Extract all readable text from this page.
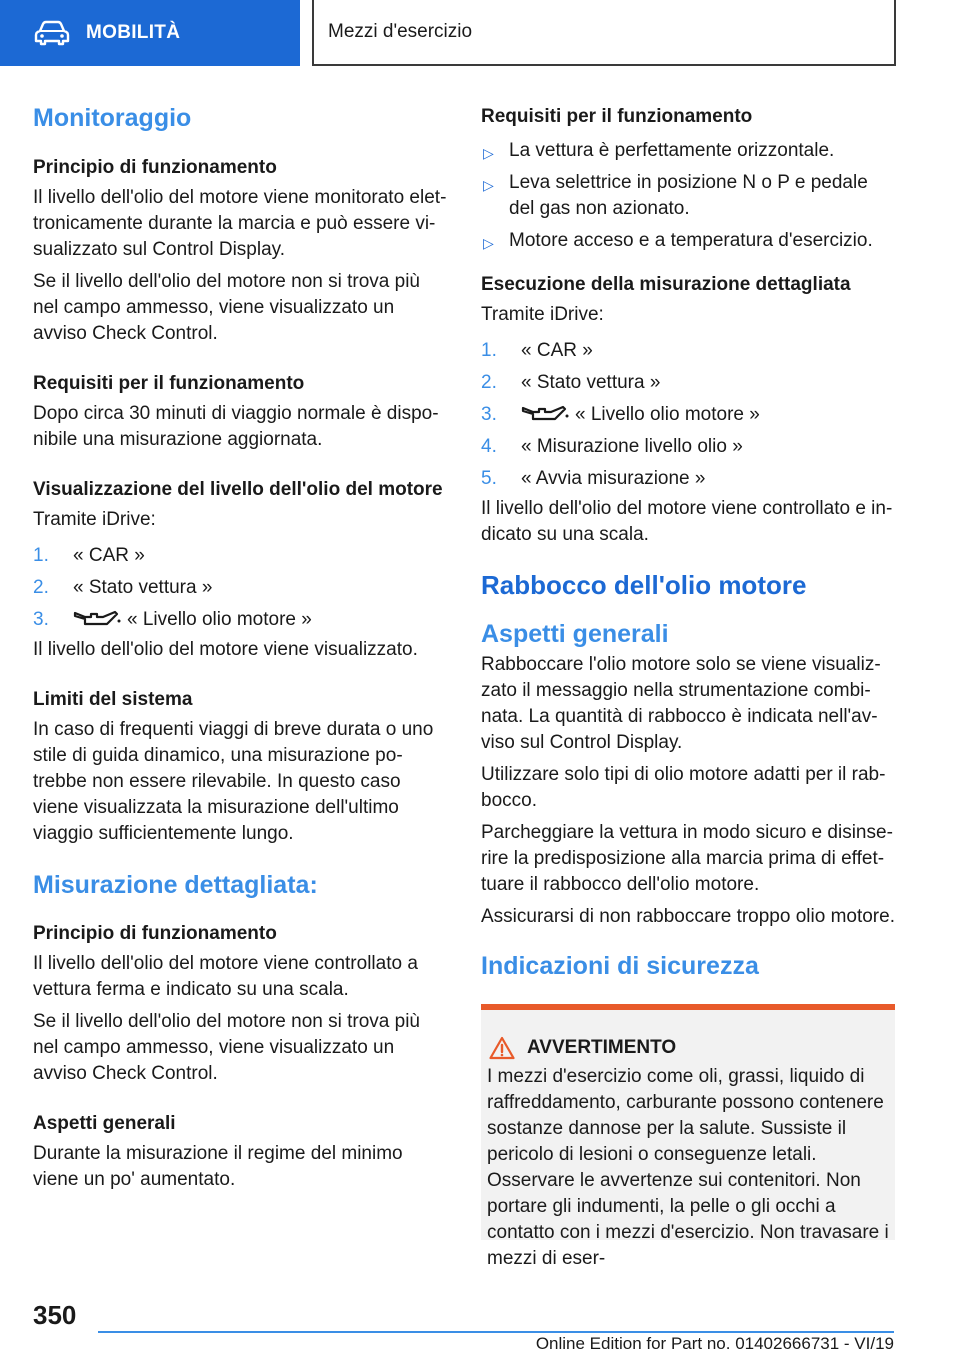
MOBILITÀ	Mezzi d'esercizio
Monitoraggio
Principio di funzionamento

Il livello dell'olio del motore viene monitorato elettronicamente durante la marcia e può essere visualizzato sul Control Display.

Se il livello dell'olio del motore non si trova più nel campo ammesso, viene visualizzato un avviso Check Control.

Requisiti per il funzionamento

Dopo circa 30 minuti di viaggio normale è disponibile una misurazione aggiornata.

Visualizzazione del livello dell'olio del motore

Tramite iDrive:

1. « CAR »
2. « Stato vettura »
3.	« Livello olio motore »

Il livello dell'olio del motore viene visualizzato.

Limiti del sistema

In caso di frequenti viaggi di breve durata o uno stile di guida dinamico, una misurazione potrebbe non essere rilevabile. In questo caso viene visualizzata la misurazione dell'ultimo viaggio sufficientemente lungo.

Misurazione dettagliata:
Principio di funzionamento

Il livello dell'olio del motore viene controllato a vettura ferma e indicato su una scala.

Se il livello dell'olio del motore non si trova più nel campo ammesso, viene visualizzato un avviso Check Control.

Aspetti generali

Durante la misurazione il regime del minimo viene un po' aumentato.

Requisiti per il funzionamento
▷ La vettura è perfettamente orizzontale.
▷ Leva selettrice in posizione N o P e pedale del gas non azionato.
▷ Motore acceso e a temperatura d'esercizio.
Esecuzione della misurazione dettagliata

Tramite iDrive:

1. « CAR »
2. « Stato vettura »
3.	« Livello olio motore »
4. « Misurazione livello olio »
5. « Avvia misurazione »

Il livello dell'olio del motore viene controllato e indicato su una scala.

Rabbocco dell'olio motore
Aspetti generali

Rabboccare l'olio motore solo se viene visualizzato il messaggio nella strumentazione combinata. La quantità di rabbocco è indicata nell'avviso sul Control Display.

Utilizzare solo tipi di olio motore adatti per il rabbocco.

Parcheggiare la vettura in modo sicuro e disinserire la predisposizione alla marcia prima di effettuare il rabbocco dell'olio motore.

Assicurarsi di non rabboccare troppo olio motore.

Indicazioni di sicurezza
AVVERTIMENTO

I mezzi d'esercizio come oli, grassi, liquido di raffreddamento, carburante possono contenere sostanze dannose per la salute. Sussiste il pericolo di lesioni o conseguenze letali. Osservare le avvertenze sui contenitori. Non portare gli indumenti, la pelle o gli occhi a contatto con i mezzi d'esercizio. Non travasare i mezzi di eser-

350
Online Edition for Part no. 01402666731 - VI/19
